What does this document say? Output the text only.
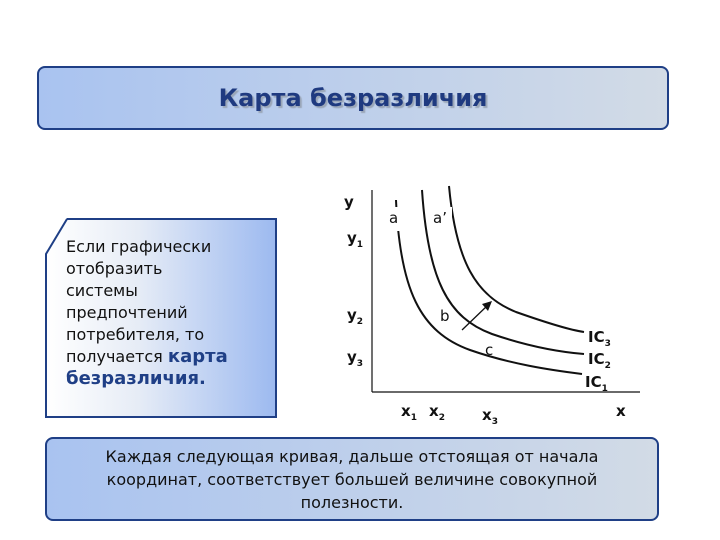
Карта безразличия
Если графически
отобразить
системы
предпочтений
потребителя, то
получается карта
безразличия.
Каждая следующая кривая, дальше отстоящая от начала координат, соответствует большей величине совокупной полезности.
y
x
$y_1$
$y_2$
$y_3$
$x_1$ $x_2$ $x_3$
a a’
b
c
$IC_3$
$IC_2$
$IC_1$
